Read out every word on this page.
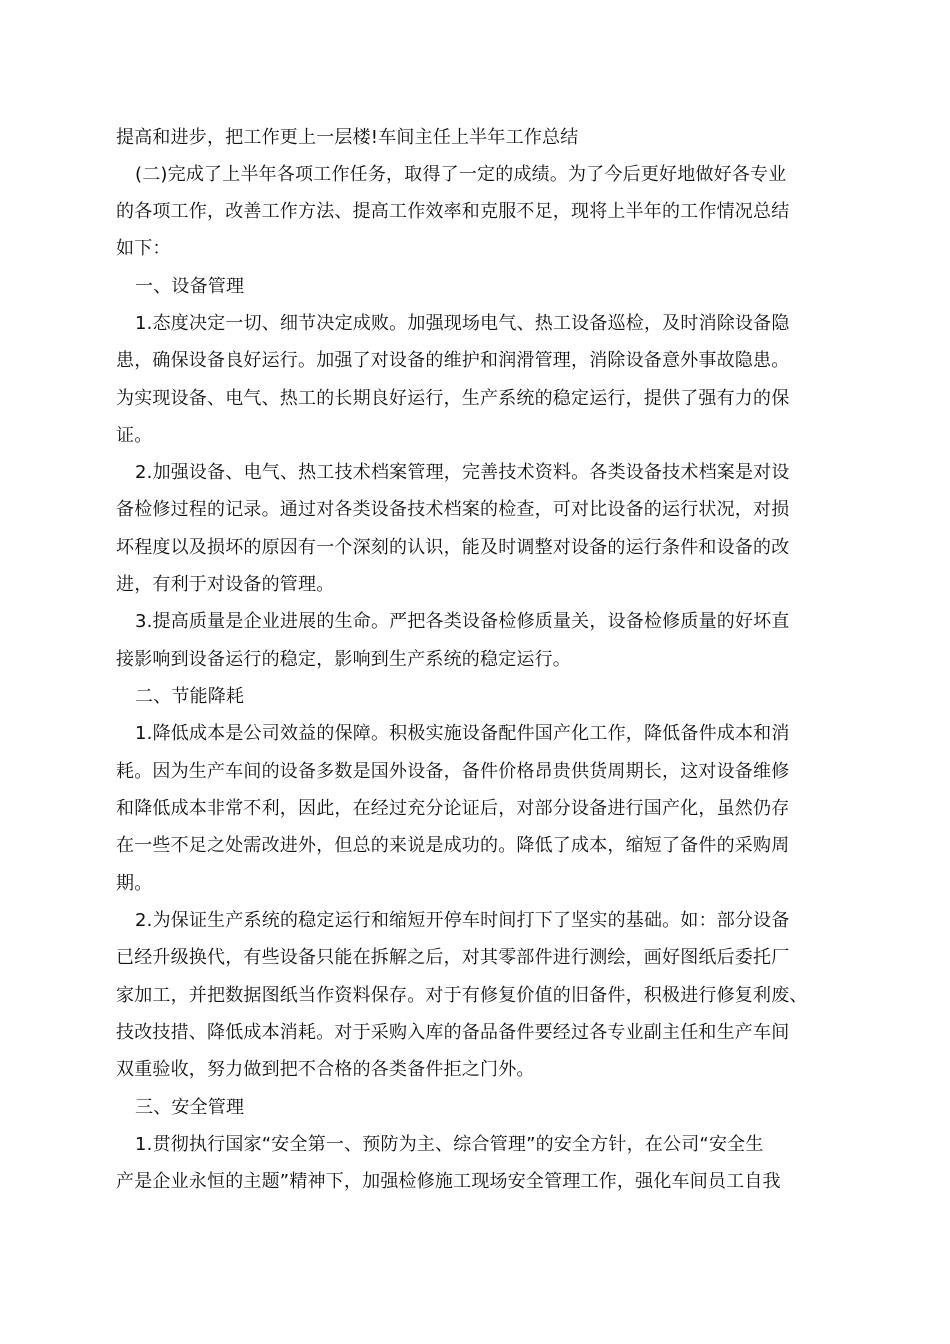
提高和进步，把工作更上一层楼!车间主任上半年工作总结
(二)完成了上半年各项工作任务，取得了一定的成绩。为了今后更好地做好各专业
的各项工作，改善工作方法、提高工作效率和克服不足，现将上半年的工作情况总结
如下：
一、设备管理
1.态度决定一切、细节决定成败。加强现场电气、热工设备巡检，及时消除设备隐
患，确保设备良好运行。加强了对设备的维护和润滑管理，消除设备意外事故隐患。
为实现设备、电气、热工的长期良好运行，生产系统的稳定运行，提供了强有力的保
证。
2.加强设备、电气、热工技术档案管理，完善技术资料。各类设备技术档案是对设
备检修过程的记录。通过对各类设备技术档案的检查，可对比设备的运行状况，对损
坏程度以及损坏的原因有一个深刻的认识，能及时调整对设备的运行条件和设备的改
进，有利于对设备的管理。
3.提高质量是企业进展的生命。严把各类设备检修质量关，设备检修质量的好坏直
接影响到设备运行的稳定，影响到生产系统的稳定运行。
二、节能降耗
1.降低成本是公司效益的保障。积极实施设备配件国产化工作，降低备件成本和消
耗。因为生产车间的设备多数是国外设备，备件价格昂贵供货周期长，这对设备维修
和降低成本非常不利，因此，在经过充分论证后，对部分设备进行国产化，虽然仍存
在一些不足之处需改进外，但总的来说是成功的。降低了成本，缩短了备件的采购周
期。
2.为保证生产系统的稳定运行和缩短开停车时间打下了坚实的基础。如：部分设备
已经升级换代，有些设备只能在拆解之后，对其零部件进行测绘，画好图纸后委托厂
家加工，并把数据图纸当作资料保存。对于有修复价值的旧备件，积极进行修复利废、
技改技措、降低成本消耗。对于采购入库的备品备件要经过各专业副主任和生产车间
双重验收，努力做到把不合格的各类备件拒之门外。
三、安全管理
1.贯彻执行国家“安全第一、预防为主、综合管理”的安全方针，在公司“安全生
产是企业永恒的主题”精神下，加强检修施工现场安全管理工作，强化车间员工自我
